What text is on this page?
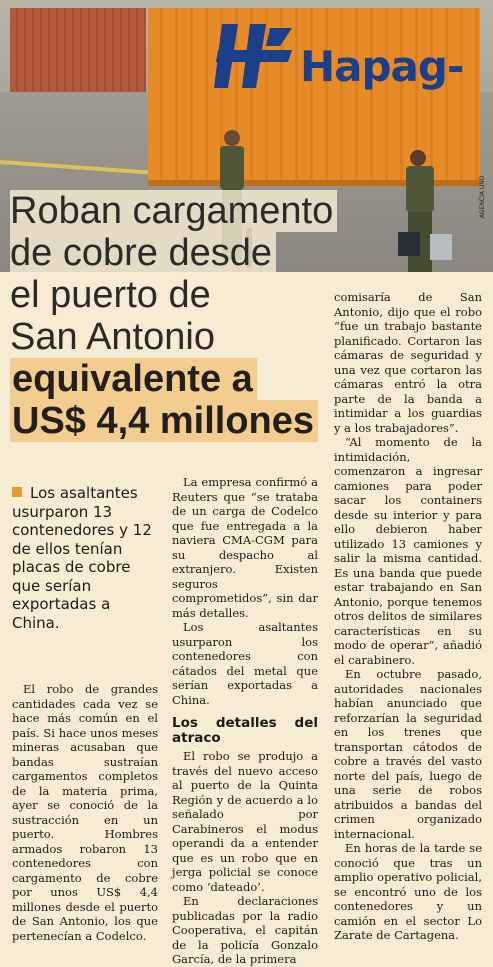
Hapag-

AGENCIA UNO

Roban cargamento
de cobre desde
el puerto de
San Antonio
equivalente a
US$ 4,4 millones

Los asaltantes usurparon 13 contenedores y 12 de ellos tenían placas de cobre que serían exportadas a China.

El robo de grandes cantidades cada vez se hace más común en el país. Si hace unos meses mineras acusaban que bandas sustraían cargamentos completos de la materia prima, ayer se conoció de la sustracción en un puerto. Hombres armados robaron 13 contenedores con cargamento de cobre por unos US$ 4,4 millones desde el puerto de San Antonio, los que pertenecían a Codelco.

La empresa confirmó a Reuters que “se trataba de un carga de Codelco que fue entregada a la naviera CMA-CGM para su despacho al extranjero. Existen seguros comprometidos”, sin dar más detalles.

Los asaltantes usurparon los contenedores con cátados del metal que serían exportadas a China.

Los detalles del atraco

El robo se produjo a través del nuevo acceso al puerto de la Quinta Región y de acuerdo a lo señalado por Carabineros el modus operandi da a entender que es un robo que en jerga policial se conoce como ‘dateado’.

En declaraciones publicadas por la radio Cooperativa, el capitán de la policía Gonzalo García, de la primera

comisaría de San Antonio, dijo que el robo “fue un trabajo bastante planificado. Cortaron las cámaras de seguridad y una vez que cortaron las cámaras entró la otra parte de la banda a intimidar a los guardias y a los trabajadores”.

“Al momento de la intimidación, comenzaron a ingresar camiones para poder sacar los containers desde su interior y para ello debieron haber utilizado 13 camiones y salir la misma cantidad. Es una banda que puede estar trabajando en San Antonio, porque tenemos otros delitos de similares características en su modo de operar”, añadió el carabinero.

En octubre pasado, autoridades nacionales habían anunciado que reforzarían la seguridad en los trenes que transportan cátodos de cobre a través del vasto norte del país, luego de una serie de robos atribuidos a bandas del crimen organizado internacional.

En horas de la tarde se conoció que tras un amplio operativo policial, se encontró uno de los contenedores y un camión en el sector Lo Zarate de Cartagena.
